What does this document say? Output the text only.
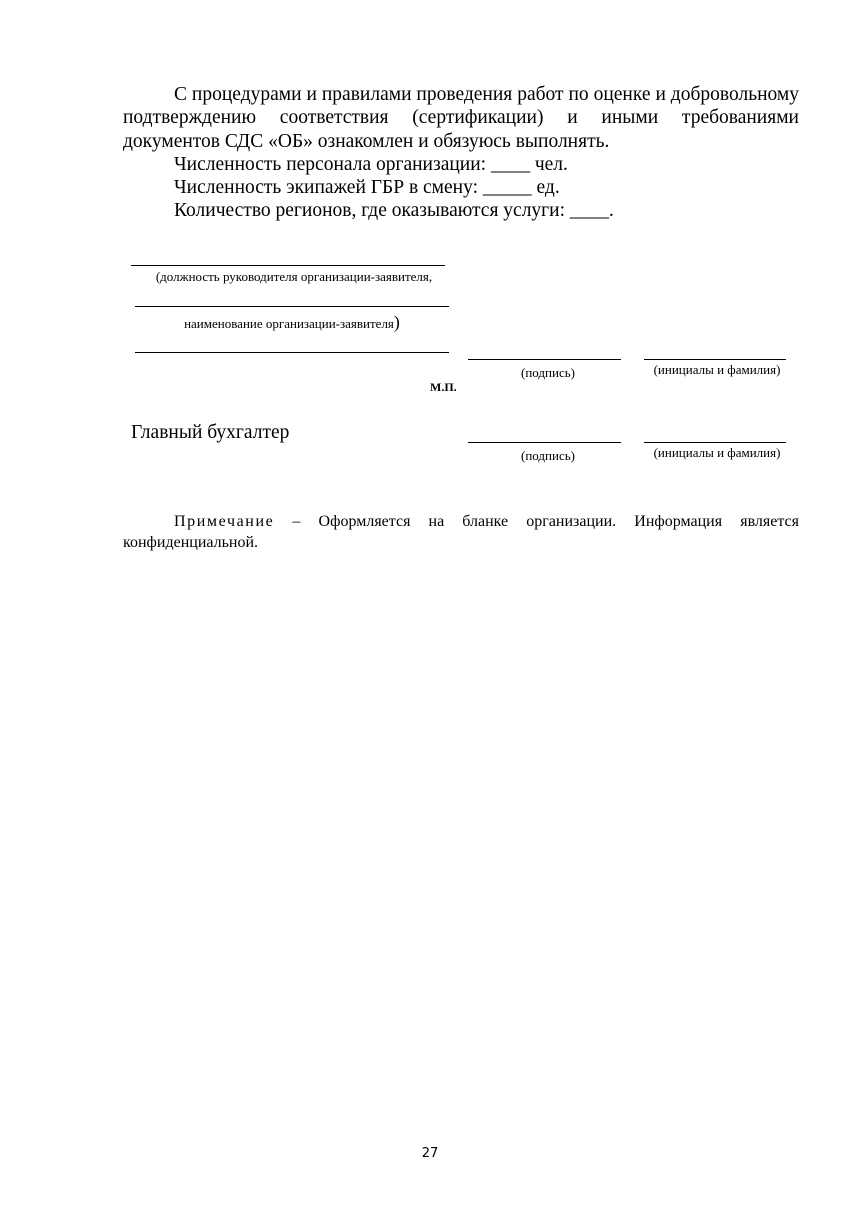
С процедурами и правилами проведения работ по оценке и добровольному подтверждению соответствия (сертификации) и иными требованиями документов СДС «ОБ» ознакомлен и обязуюсь выполнять.
Численность персонала организации: ____ чел.
Численность экипажей ГБР в смену: _____ ед.
Количество регионов, где оказываются услуги: ____.
(должность руководителя организации-заявителя,
наименование организации-заявителя)
(подпись)	(инициалы и фамилия)
М.П.
Главный бухгалтер
(подпись)	(инициалы и фамилия)
Примечание – Оформляется на бланке организации. Информация является конфиденциальной.
27
